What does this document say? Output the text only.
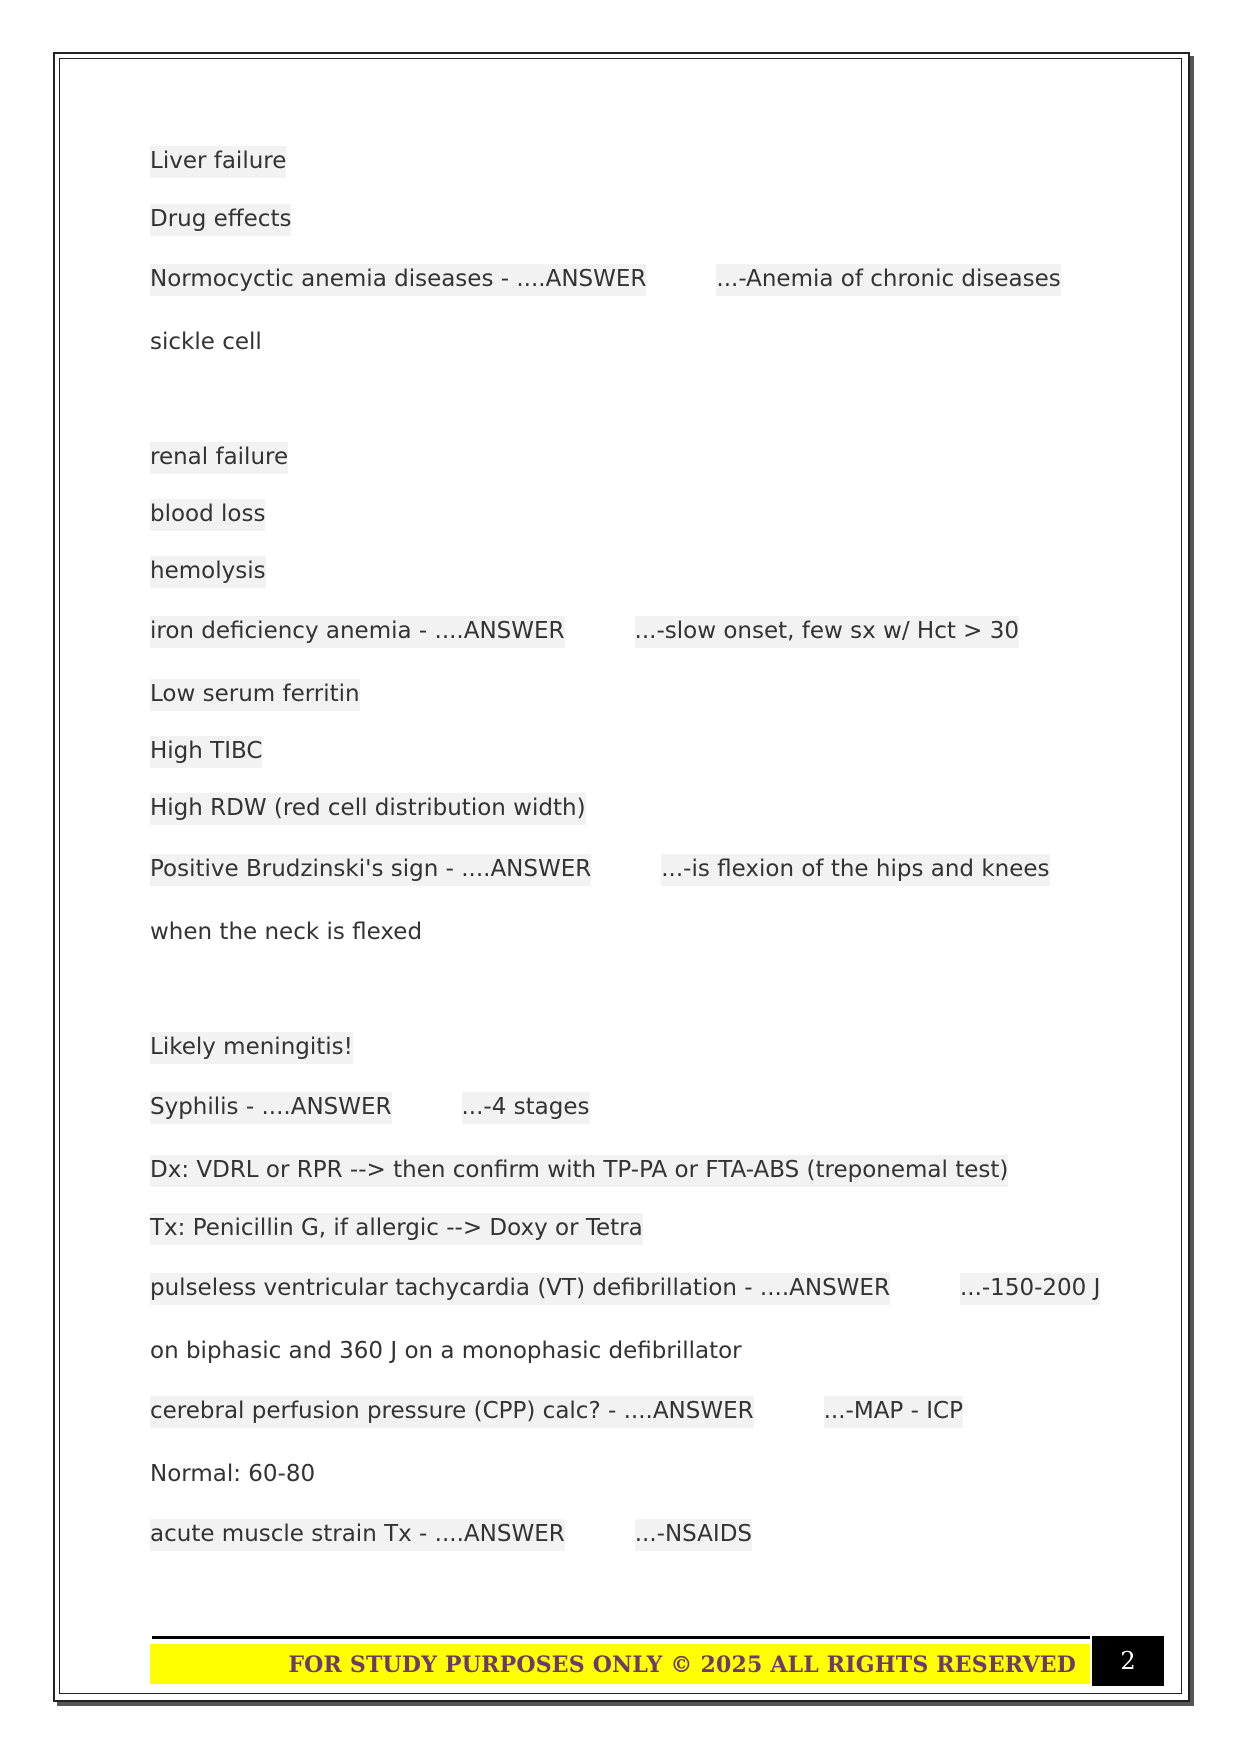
Liver failure
Drug effects
Normocyctic anemia diseases - ....ANSWER	...-Anemia of chronic diseases
sickle cell
renal failure
blood loss
hemolysis
iron deficiency anemia - ....ANSWER	...-slow onset, few sx w/ Hct > 30
Low serum ferritin
High TIBC
High RDW (red cell distribution width)
Positive Brudzinski's sign - ....ANSWER	...-is flexion of the hips and knees
when the neck is flexed
Likely meningitis!
Syphilis - ....ANSWER	...-4 stages
Dx: VDRL or RPR --> then confirm with TP-PA or FTA-ABS (treponemal test)
Tx: Penicillin G, if allergic --> Doxy or Tetra
pulseless ventricular tachycardia (VT) defibrillation - ....ANSWER	...-150-200 J
on biphasic and 360 J on a monophasic defibrillator
cerebral perfusion pressure (CPP) calc? - ....ANSWER	...-MAP - ICP
Normal: 60-80
acute muscle strain Tx - ....ANSWER	...-NSAIDS
FOR STUDY PURPOSES ONLY © 2025 ALL RIGHTS RESERVED	2
